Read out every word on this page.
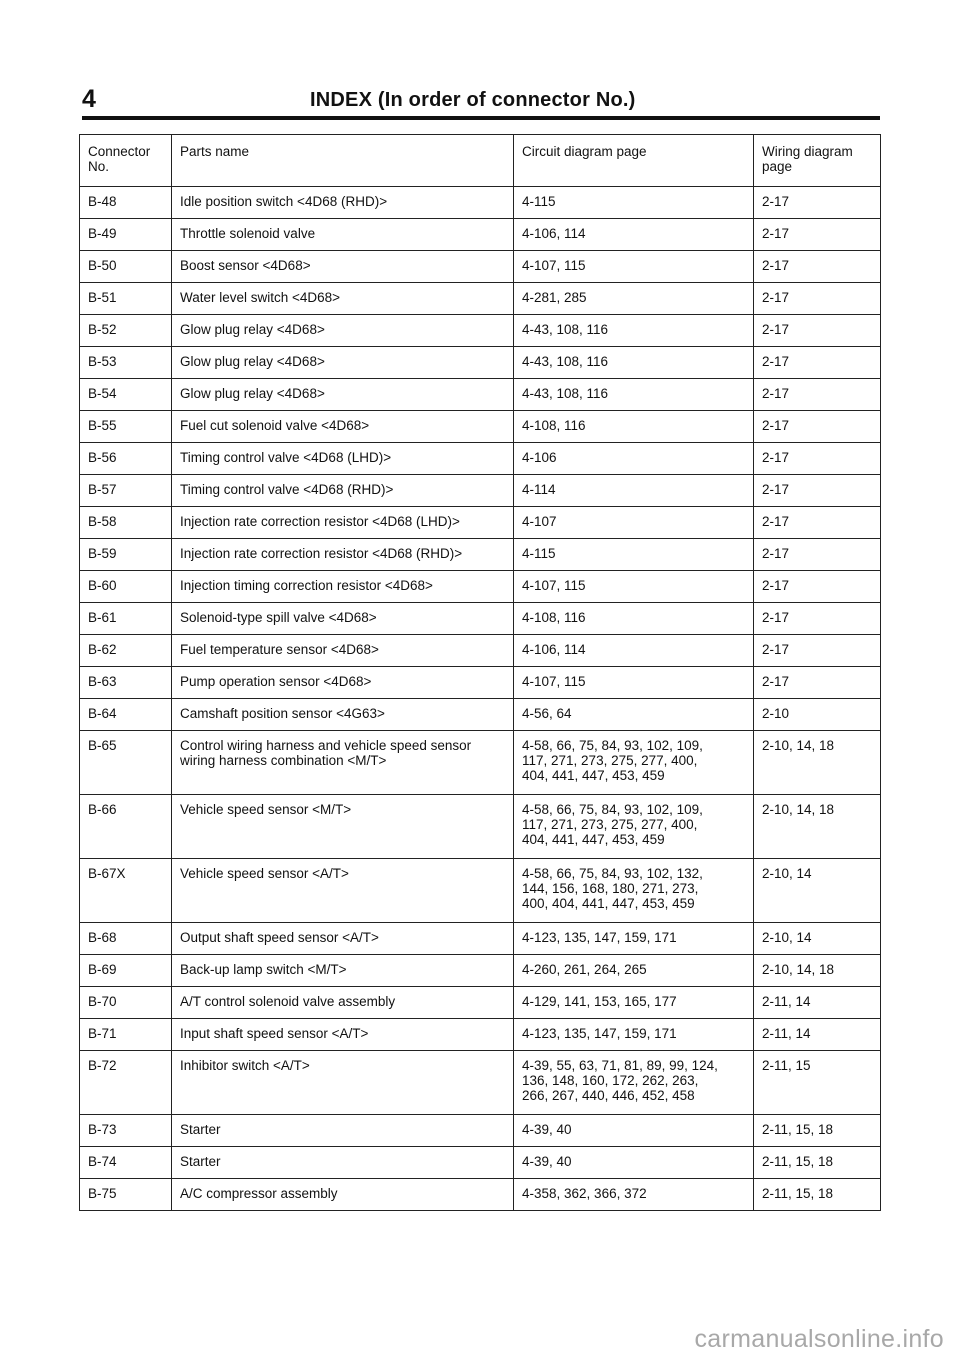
4	INDEX (In order of connector No.)
Connector
No.	Parts name	Circuit diagram page	Wiring diagram
page
B-48	Idle position switch <4D68 (RHD)>	4-115	2-17
B-49	Throttle solenoid valve	4-106, 114	2-17
B-50	Boost sensor <4D68>	4-107, 115	2-17
B-51	Water level switch <4D68>	4-281, 285	2-17
B-52	Glow plug relay <4D68>	4-43, 108, 116	2-17
B-53	Glow plug relay <4D68>	4-43, 108, 116	2-17
B-54	Glow plug relay <4D68>	4-43, 108, 116	2-17
B-55	Fuel cut solenoid valve <4D68>	4-108, 116	2-17
B-56	Timing control valve <4D68 (LHD)>	4-106	2-17
B-57	Timing control valve <4D68 (RHD)>	4-114	2-17
B-58	Injection rate correction resistor <4D68 (LHD)>	4-107	2-17
B-59	Injection rate correction resistor <4D68 (RHD)>	4-115	2-17
B-60	Injection timing correction resistor <4D68>	4-107, 115	2-17
B-61	Solenoid-type spill valve <4D68>	4-108, 116	2-17
B-62	Fuel temperature sensor <4D68>	4-106, 114	2-17
B-63	Pump operation sensor <4D68>	4-107, 115	2-17
B-64	Camshaft position sensor <4G63>	4-56, 64	2-10
B-65	Control wiring harness and vehicle speed sensor
wiring harness combination <M/T>	4-58, 66, 75, 84, 93, 102, 109,
117, 271, 273, 275, 277, 400,
404, 441, 447, 453, 459	2-10, 14, 18
B-66	Vehicle speed sensor <M/T>	4-58, 66, 75, 84, 93, 102, 109,
117, 271, 273, 275, 277, 400,
404, 441, 447, 453, 459	2-10, 14, 18
B-67X	Vehicle speed sensor <A/T>	4-58, 66, 75, 84, 93, 102, 132,
144, 156, 168, 180, 271, 273,
400, 404, 441, 447, 453, 459	2-10, 14
B-68	Output shaft speed sensor <A/T>	4-123, 135, 147, 159, 171	2-10, 14
B-69	Back-up lamp switch <M/T>	4-260, 261, 264, 265	2-10, 14, 18
B-70	A/T control solenoid valve assembly	4-129, 141, 153, 165, 177	2-11, 14
B-71	Input shaft speed sensor <A/T>	4-123, 135, 147, 159, 171	2-11, 14
B-72	Inhibitor switch <A/T>	4-39, 55, 63, 71, 81, 89, 99, 124,
136, 148, 160, 172, 262, 263,
266, 267, 440, 446, 452, 458	2-11, 15
B-73	Starter	4-39, 40	2-11, 15, 18
B-74	Starter	4-39, 40	2-11, 15, 18
B-75	A/C compressor assembly	4-358, 362, 366, 372	2-11, 15, 18
carmanualsonline.info
